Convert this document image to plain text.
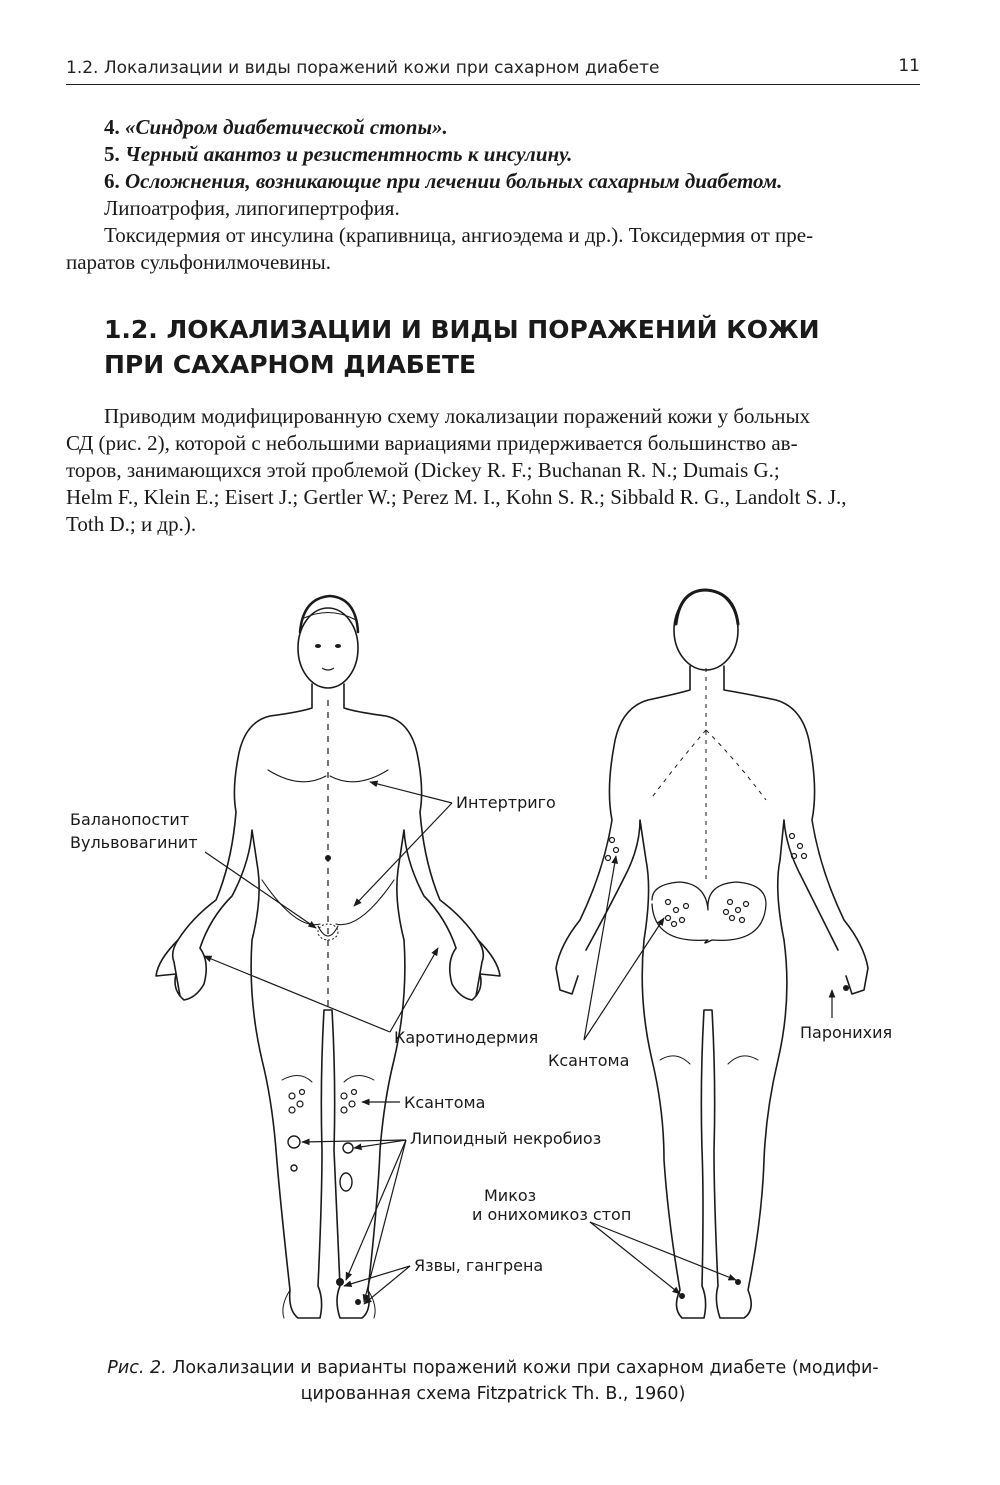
1.2. Локализации и виды поражений кожи при сахарном диабете	11
4. «Синдром диабетической стопы».
5. Черный акантоз и резистентность к инсулину.
6. Осложнения, возникающие при лечении больных сахарным диабетом.
Липоатрофия, липогипертрофия.
Токсидермия от инсулина (крапивница, ангиоэдема и др.). Токсидермия от пре-
паратов сульфонилмочевины.
1.2. ЛОКАЛИЗАЦИИ И ВИДЫ ПОРАЖЕНИЙ КОЖИ
ПРИ САХАРНОМ ДИАБЕТЕ
Приводим модифицированную схему локализации поражений кожи у больных
СД (рис. 2), которой с небольшими вариациями придерживается большинство ав-
торов, занимающихся этой проблемой (Dickey R. F.; Buchanan R. N.; Dumais G.;
Helm F., Klein E.; Eisert J.; Gertler W.; Perez M. I., Kohn S. R.; Sibbald R. G., Landolt S. J.,
Toth D.; и др.).
Баланопостит
Вульвовагинит
Интертриго
Каротинодермия
Ксантома
Липоидный некробиоз
Язвы, гангрена
Ксантома
Паронихия
Микоз
и онихомикоз стоп
Рис. 2. Локализации и варианты поражений кожи при сахарном диабете (модифи-
цированная схема Fitzpatrick Th. B., 1960)
